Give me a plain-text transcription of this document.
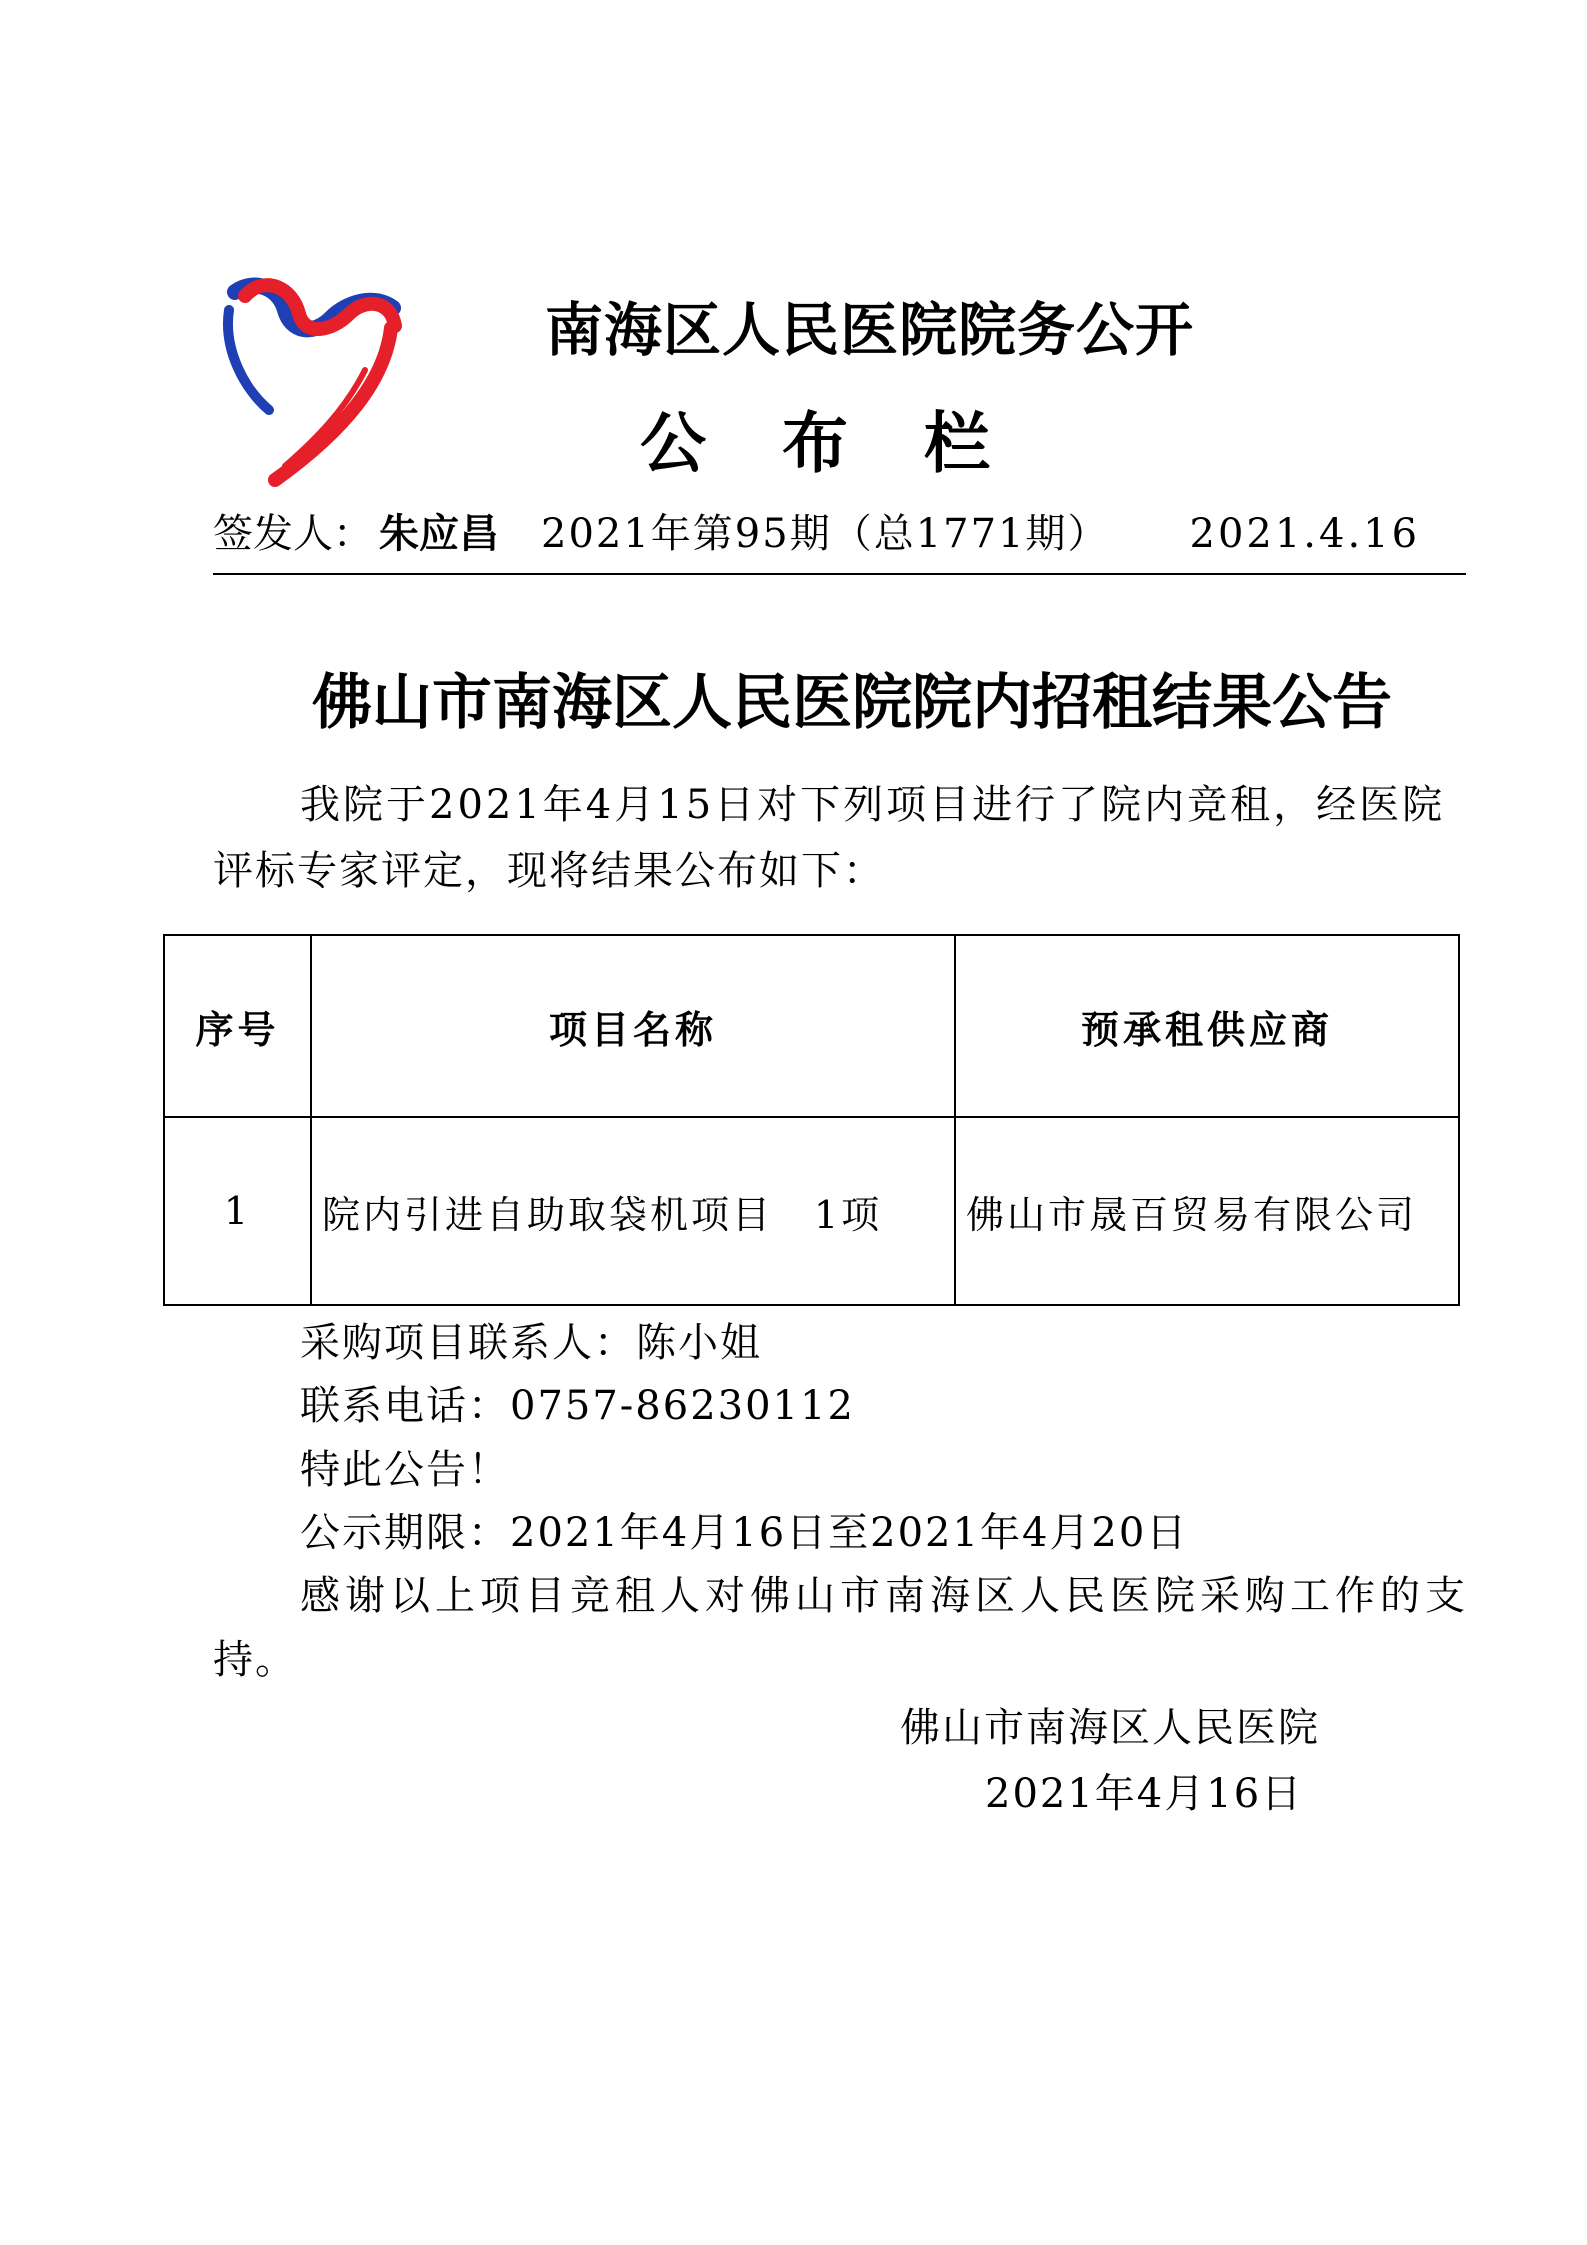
南海区人民医院院务公开
公布栏
签发人： 朱应昌 2021年第95期（总1771期） 2021.4.16
佛山市南海区人民医院院内招租结果公告
我院于2021年4月15日对下列项目进行了院内竞租，经医院
评标专家评定，现将结果公布如下：
序号	项目名称	预承租供应商
1	院内引进自助取袋机项目　1项	佛山市晟百贸易有限公司
采购项目联系人：陈小姐
联系电话：0757-86230112
特此公告！
公示期限：2021年4月16日至2021年4月20日
感谢以上项目竞租人对佛山市南海区人民医院采购工作的支
持。
佛山市南海区人民医院
2021年4月16日
